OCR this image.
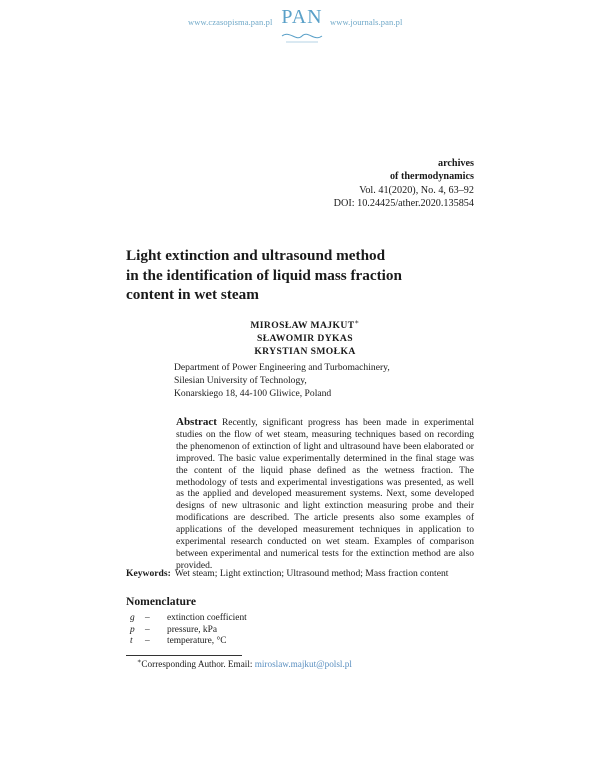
www.czasopisma.pan.pl PAN www.journals.pan.pl
archives
of thermodynamics
Vol. 41(2020), No. 4, 63–92
DOI: 10.24425/ather.2020.135854
Light extinction and ultrasound method
in the identification of liquid mass fraction
content in wet steam
MIROSŁAW MAJKUT∗
SŁAWOMIR DYKAS
KRYSTIAN SMOŁKA
Department of Power Engineering and Turbomachinery,
Silesian University of Technology,
Konarskiego 18, 44-100 Gliwice, Poland
Abstract Recently, significant progress has been made in experimental studies on the flow of wet steam, measuring techniques based on recording the phenomenon of extinction of light and ultrasound have been elaborated or improved. The basic value experimentally determined in the final stage was the content of the liquid phase defined as the wetness fraction. The methodology of tests and experimental investigations was presented, as well as the applied and developed measurement systems. Next, some developed designs of new ultrasonic and light extinction measuring probe and their modifications are described. The article presents also some examples of applications of the developed measurement techniques in application to experimental research conducted on wet steam. Examples of comparison between experimental and numerical tests for the extinction method are also provided.
Keywords: Wet steam; Light extinction; Ultrasound method; Mass fraction content
Nomenclature
g	–	extinction coefficient
p	–	pressure, kPa
t	–	temperature, °C
∗Corresponding Author. Email: miroslaw.majkut@polsl.pl
